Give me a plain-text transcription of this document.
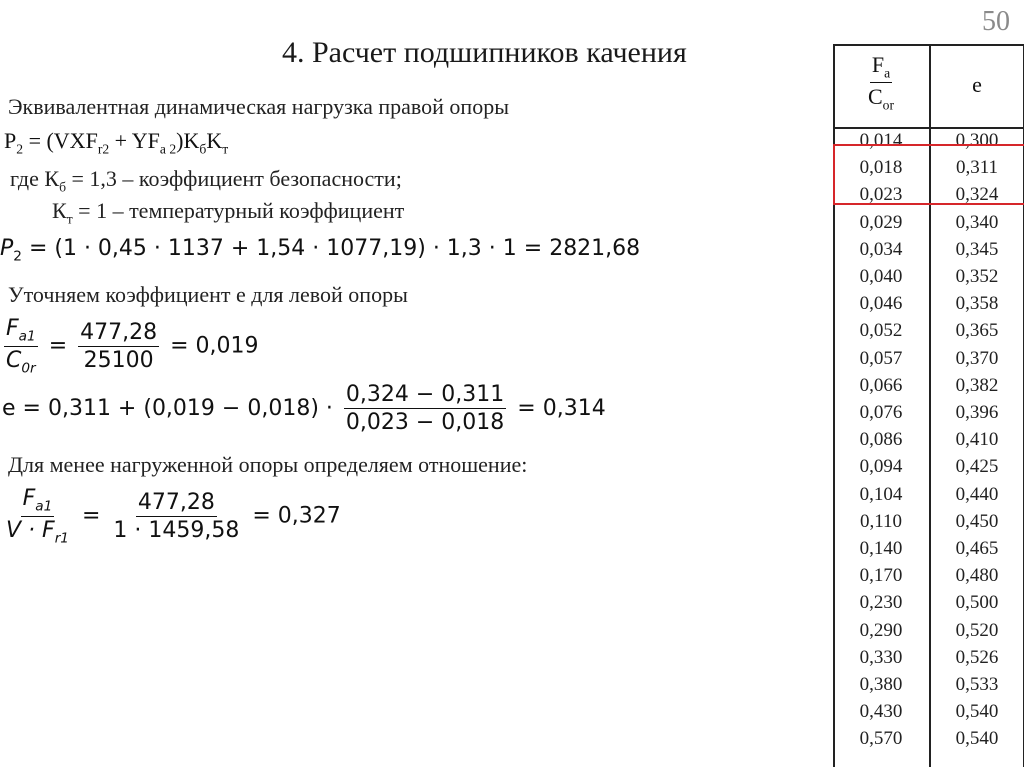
50
4. Расчет подшипников качения
Эквивалентная динамическая нагрузка правой опоры
$P_2 = (VXF_{r2} + YF_{a 2})K_бK_т$
где $К_б = 1,3$ – коэффициент безопасности;
$К_т = 1$ – температурный коэффициент
$P_2 = (1 \cdot 0,45 \cdot 1137 + 1,54 \cdot 1077,19) \cdot 1,3 \cdot 1 = 2821,68$
Уточняем коэффициент е для левой опоры
$\frac{F_{a1}}{C_{0r}} = \frac{477,28}{25100} = 0,019$
$e = 0,311 + (0,019 - 0,018) \cdot \frac{0,324 - 0,311}{0,023 - 0,018} = 0,314$
Для менее нагруженной опоры определяем отношение:
$\frac{F_{a1}}{V \cdot F_{r1}} = \frac{477,28}{1 \cdot 1459,58} = 0,327$
$\frac{F_a}{C_{or}}$	e
0,014	0,300
0,018	0,311
0,023	0,324
0,029	0,340
0,034	0,345
0,040	0,352
0,046	0,358
0,052	0,365
0,057	0,370
0,066	0,382
0,076	0,396
0,086	0,410
0,094	0,425
0,104	0,440
0,110	0,450
0,140	0,465
0,170	0,480
0,230	0,500
0,290	0,520
0,330	0,526
0,380	0,533
0,430	0,540
0,570	0,540
